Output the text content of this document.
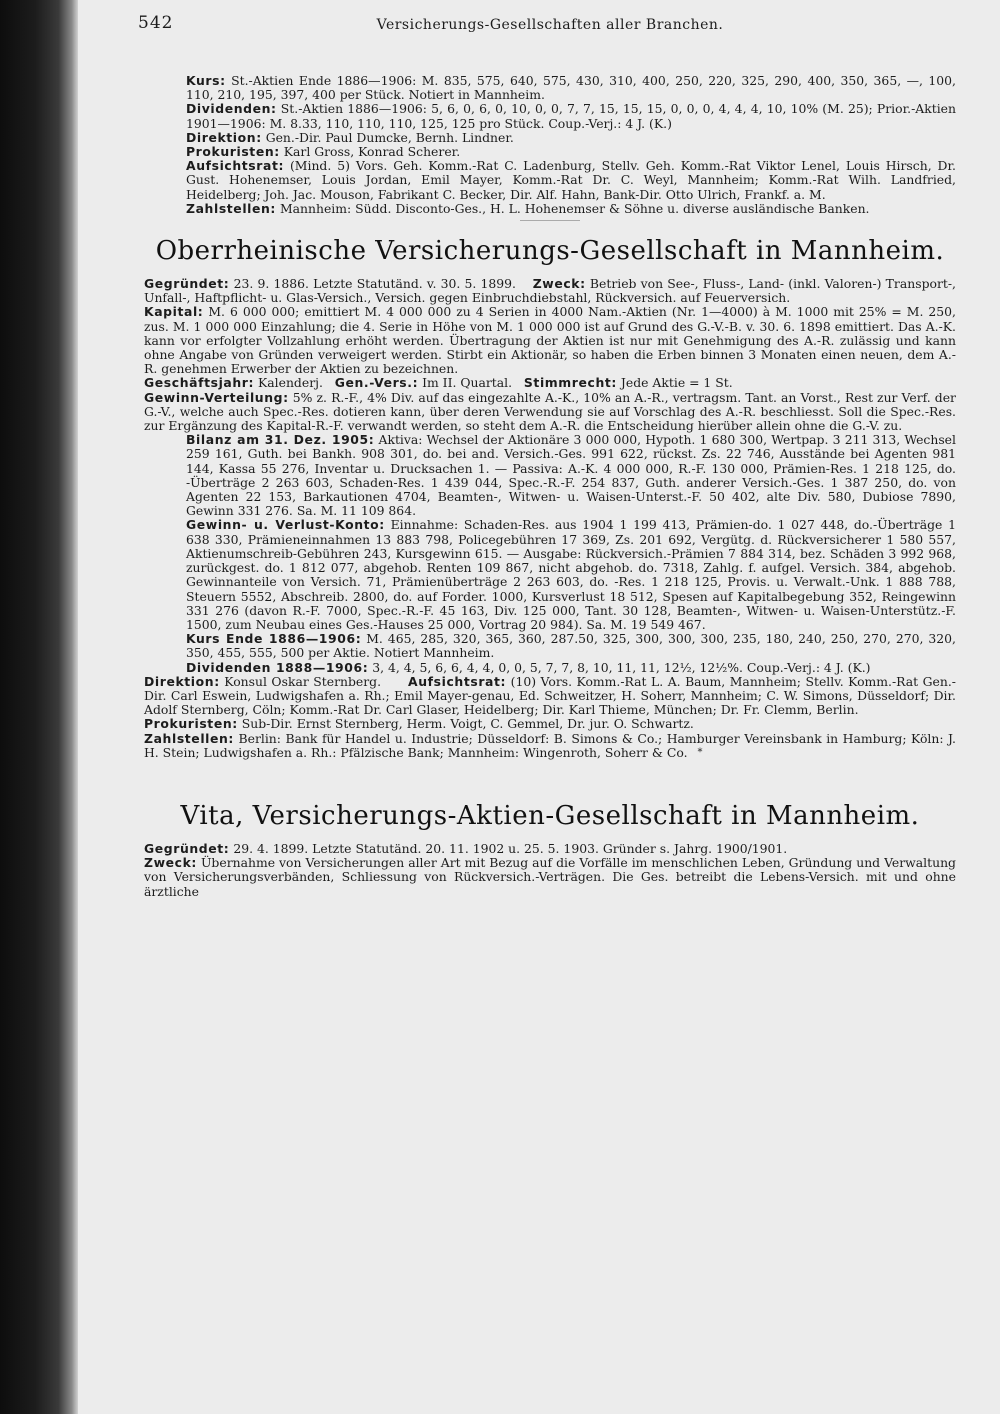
542	Versicherungs-Gesellschaften aller Branchen.

Kurs: St.-Aktien Ende 1886—1906: M. 835, 575, 640, 575, 430, 310, 400, 250, 220, 325, 290, 400, 350, 365, —, 100, 110, 210, 195, 397, 400 per Stück. Notiert in Mannheim.

Dividenden: St.-Aktien 1886—1906: 5, 6, 0, 6, 0, 10, 0, 0, 7, 7, 15, 15, 15, 0, 0, 0, 4, 4, 4, 10, 10% (M. 25); Prior.-Aktien 1901—1906: M. 8.33, 110, 110, 110, 125, 125 pro Stück. Coup.-Verj.: 4 J. (K.)

Direktion: Gen.-Dir. Paul Dumcke, Bernh. Lindner.

Prokuristen: Karl Gross, Konrad Scherer.

Aufsichtsrat: (Mind. 5) Vors. Geh. Komm.-Rat C. Ladenburg, Stellv. Geh. Komm.-Rat Viktor Lenel, Louis Hirsch, Dr. Gust. Hohenemser, Louis Jordan, Emil Mayer, Komm.-Rat Dr. C. Weyl, Mannheim; Komm.-Rat Wilh. Landfried, Heidelberg; Joh. Jac. Mouson, Fabrikant C. Becker, Dir. Alf. Hahn, Bank-Dir. Otto Ulrich, Frankf. a. M.

Zahlstellen: Mannheim: Südd. Disconto-Ges., H. L. Hohenemser & Söhne u. diverse ausländische Banken.

Oberrheinische Versicherungs-Gesellschaft in Mannheim.

Gegründet: 23. 9. 1886. Letzte Statutänd. v. 30. 5. 1899. Zweck: Betrieb von See-, Fluss-, Land- (inkl. Valoren-) Transport-, Unfall-, Haftpflicht- u. Glas-Versich., Versich. gegen Einbruchdiebstahl, Rückversich. auf Feuerversich.

Kapital: M. 6 000 000; emittiert M. 4 000 000 zu 4 Serien in 4000 Nam.-Aktien (Nr. 1—4000) à M. 1000 mit 25% = M. 250, zus. M. 1 000 000 Einzahlung; die 4. Serie in Höhe von M. 1 000 000 ist auf Grund des G.-V.-B. v. 30. 6. 1898 emittiert. Das A.-K. kann vor erfolgter Vollzahlung erhöht werden. Übertragung der Aktien ist nur mit Genehmigung des A.-R. zulässig und kann ohne Angabe von Gründen verweigert werden. Stirbt ein Aktionär, so haben die Erben binnen 3 Monaten einen neuen, dem A.-R. genehmen Erwerber der Aktien zu bezeichnen.

Geschäftsjahr: Kalenderj. Gen.-Vers.: Im II. Quartal. Stimmrecht: Jede Aktie = 1 St.

Gewinn-Verteilung: 5% z. R.-F., 4% Div. auf das eingezahlte A.-K., 10% an A.-R., vertragsm. Tant. an Vorst., Rest zur Verf. der G.-V., welche auch Spec.-Res. dotieren kann, über deren Verwendung sie auf Vorschlag des A.-R. beschliesst. Soll die Spec.-Res. zur Ergänzung des Kapital-R.-F. verwandt werden, so steht dem A.-R. die Entscheidung hierüber allein ohne die G.-V. zu.

Bilanz am 31. Dez. 1905: Aktiva: Wechsel der Aktionäre 3 000 000, Hypoth. 1 680 300, Wertpap. 3 211 313, Wechsel 259 161, Guth. bei Bankh. 908 301, do. bei and. Versich.-Ges. 991 622, rückst. Zs. 22 746, Ausstände bei Agenten 981 144, Kassa 55 276, Inventar u. Drucksachen 1. — Passiva: A.-K. 4 000 000, R.-F. 130 000, Prämien-Res. 1 218 125, do. -Überträge 2 263 603, Schaden-Res. 1 439 044, Spec.-R.-F. 254 837, Guth. anderer Versich.-Ges. 1 387 250, do. von Agenten 22 153, Barkautionen 4704, Beamten-, Witwen- u. Waisen-Unterst.-F. 50 402, alte Div. 580, Dubiose 7890, Gewinn 331 276. Sa. M. 11 109 864.

Gewinn- u. Verlust-Konto: Einnahme: Schaden-Res. aus 1904 1 199 413, Prämien-do. 1 027 448, do.-Überträge 1 638 330, Prämieneinnahmen 13 883 798, Policegebühren 17 369, Zs. 201 692, Vergütg. d. Rückversicherer 1 580 557, Aktienumschreib-Gebühren 243, Kursgewinn 615. — Ausgabe: Rückversich.-Prämien 7 884 314, bez. Schäden 3 992 968, zurückgest. do. 1 812 077, abgehob. Renten 109 867, nicht abgehob. do. 7318, Zahlg. f. aufgel. Versich. 384, abgehob. Gewinnanteile von Versich. 71, Prämienüberträge 2 263 603, do. -Res. 1 218 125, Provis. u. Verwalt.-Unk. 1 888 788, Steuern 5552, Abschreib. 2800, do. auf Forder. 1000, Kursverlust 18 512, Spesen auf Kapitalbegebung 352, Reingewinn 331 276 (davon R.-F. 7000, Spec.-R.-F. 45 163, Div. 125 000, Tant. 30 128, Beamten-, Witwen- u. Waisen-Unterstütz.-F. 1500, zum Neubau eines Ges.-Hauses 25 000, Vortrag 20 984). Sa. M. 19 549 467.

Kurs Ende 1886—1906: M. 465, 285, 320, 365, 360, 287.50, 325, 300, 300, 300, 235, 180, 240, 250, 270, 270, 320, 350, 455, 555, 500 per Aktie. Notiert Mannheim.

Dividenden 1888—1906: 3, 4, 4, 5, 6, 6, 4, 4, 0, 0, 5, 7, 7, 8, 10, 11, 11, 12½, 12½%. Coup.-Verj.: 4 J. (K.)

Direktion: Konsul Oskar Sternberg. Aufsichtsrat: (10) Vors. Komm.-Rat L. A. Baum, Mannheim; Stellv. Komm.-Rat Gen.-Dir. Carl Eswein, Ludwigshafen a. Rh.; Emil Mayer-genau, Ed. Schweitzer, H. Soherr, Mannheim; C. W. Simons, Düsseldorf; Dir. Adolf Sternberg, Cöln; Komm.-Rat Dr. Carl Glaser, Heidelberg; Dir. Karl Thieme, München; Dr. Fr. Clemm, Berlin.

Prokuristen: Sub-Dir. Ernst Sternberg, Herm. Voigt, C. Gemmel, Dr. jur. O. Schwartz.

Zahlstellen: Berlin: Bank für Handel u. Industrie; Düsseldorf: B. Simons & Co.; Hamburger Vereinsbank in Hamburg; Köln: J. H. Stein; Ludwigshafen a. Rh.: Pfälzische Bank; Mannheim: Wingenroth, Soherr & Co. *

Vita, Versicherungs-Aktien-Gesellschaft in Mannheim.

Gegründet: 29. 4. 1899. Letzte Statutänd. 20. 11. 1902 u. 25. 5. 1903. Gründer s. Jahrg. 1900/1901.

Zweck: Übernahme von Versicherungen aller Art mit Bezug auf die Vorfälle im menschlichen Leben, Gründung und Verwaltung von Versicherungsverbänden, Schliessung von Rückversich.-Verträgen. Die Ges. betreibt die Lebens-Versich. mit und ohne ärztliche
